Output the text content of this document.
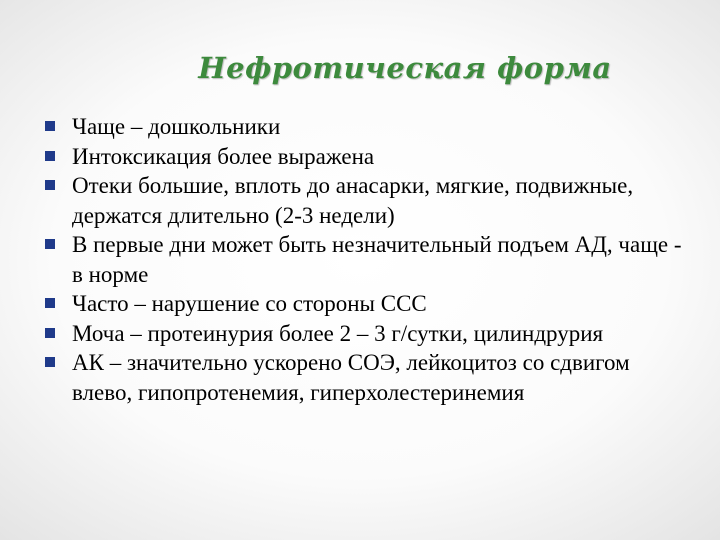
Нефротическая форма
Чаще – дошкольники
Интоксикация более выражена
Отеки большие, вплоть до анасарки, мягкие, подвижные, держатся длительно (2-3 недели)
В первые дни может быть незначительный подъем АД, чаще - в норме
Часто – нарушение со стороны ССС
Моча – протеинурия более 2 – 3 г/сутки, цилиндрурия
АК – значительно ускорено СОЭ, лейкоцитоз со сдвигом влево, гипопротенемия, гиперхолестеринемия
